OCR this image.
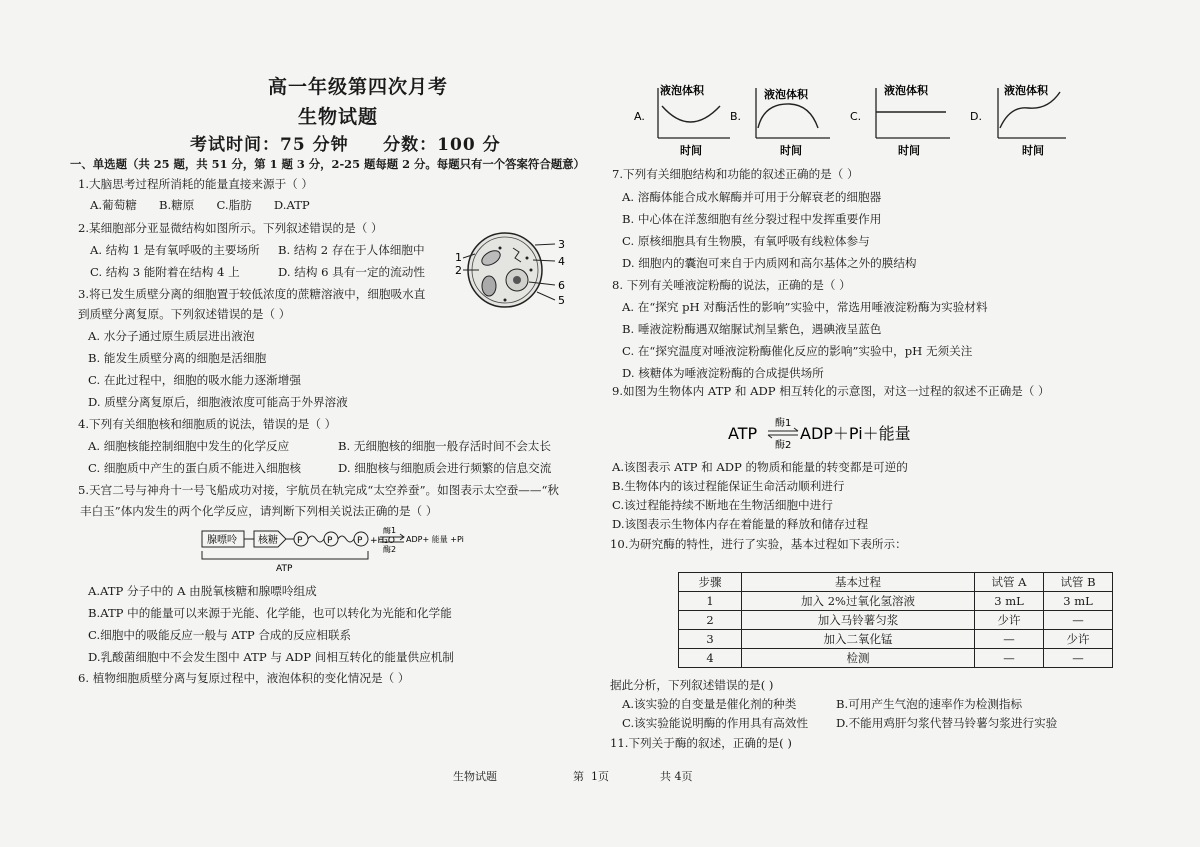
高一年级第四次月考
生物试题
考试时间：75 分钟     分数：100 分
一、单选题（共 25 题，共 51 分，第 1 题 3 分，2-25 题每题 2 分。每题只有一个答案符合题意）
1.大脑思考过程所消耗的能量直接来源于（ ）
A.葡萄糖      B.糖原      C.脂肪      D.ATP
2.某细胞部分亚显微结构如图所示。下列叙述错误的是（ ）
A. 结构 1 是有氧呼吸的主要场所 B. 结构 2 存在于人体细胞中
C. 结构 3 能附着在结构 4 上	D. 结构 6 具有一定的流动性
3
4
1
2
6
5
3.将已发生质壁分离的细胞置于较低浓度的蔗糖溶液中，细胞吸水直
到质壁分离复原。下列叙述错误的是（ ）
A. 水分子通过原生质层进出液泡
B. 能发生质壁分离的细胞是活细胞
C. 在此过程中，细胞的吸水能力逐渐增强
D. 质壁分离复原后，细胞液浓度可能高于外界溶液
4.下列有关细胞核和细胞质的说法，错误的是（ ）
A. 细胞核能控制细胞中发生的化学反应	B. 无细胞核的细胞一般存活时间不会太长
C. 细胞质中产生的蛋白质不能进入细胞核	D. 细胞核与细胞质会进行频繁的信息交流
5.天宫二号与神舟十一号飞船成功对接，宇航员在轨完成“太空养蚕”。如图表示太空蚕——“秋
丰白玉”体内发生的两个化学反应，请判断下列相关说法正确的是（ ）
腺嘌呤 核糖 P	P	P +H₂O
酶1
酶2
ADP+ 能量 +Pi
ATP
A.ATP 分子中的 A 由脱氧核糖和腺嘌呤组成
B.ATP 中的能量可以来源于光能、化学能，也可以转化为光能和化学能
C.细胞中的吸能反应一般与 ATP 合成的反应相联系
D.乳酸菌细胞中不会发生图中 ATP 与 ADP 间相互转化的能量供应机制
6. 植物细胞质壁分离与复原过程中，液泡体积的变化情况是（ ）
A.
液泡体积
时间
B.
液泡体积
时间
C.
液泡体积
时间
D.
液泡体积
时间
7.下列有关细胞结构和功能的叙述正确的是（ ）
A. 溶酶体能合成水解酶并可用于分解衰老的细胞器
B. 中心体在洋葱细胞有丝分裂过程中发挥重要作用
C. 原核细胞具有生物膜，有氧呼吸有线粒体参与
D. 细胞内的囊泡可来自于内质网和高尔基体之外的膜结构
8. 下列有关唾液淀粉酶的说法，正确的是（ ）
A. 在“探究 pH 对酶活性的影响”实验中，常选用唾液淀粉酶为实验材料
B. 唾液淀粉酶遇双缩脲试剂呈紫色，遇碘液呈蓝色
C. 在“探究温度对唾液淀粉酶催化反应的影响”实验中，pH 无须关注
D. 核糖体为唾液淀粉酶的合成提供场所
9.如图为生物体内 ATP 和 ADP 相互转化的示意图，对这一过程的叙述不正确是（ ）
ATP
酶1
酶2
ADP＋Pi＋能量
A.该图表示 ATP 和 ADP 的物质和能量的转变都是可逆的
B.生物体内的该过程能保证生命活动顺利进行
C.该过程能持续不断地在生物活细胞中进行
D.该图表示生物体内存在着能量的释放和储存过程
10.为研究酶的特性，进行了实验，基本过程如下表所示：
步骤	基本过程	试管 A	试管 B
1	加入 2%过氧化氢溶液	3 mL	3 mL
2	加入马铃薯匀浆	少许	—
3	加入二氧化锰	—	少许
4	检测	—	—
据此分析，下列叙述错误的是( )
A.该实验的自变量是催化剂的种类	B.可用产生气泡的速率作为检测指标
C.该实验能说明酶的作用具有高效性 D.不能用鸡肝匀浆代替马铃薯匀浆进行实验
11.下列关于酶的叙述，正确的是( )
生物试题	第  1页	共 4页
